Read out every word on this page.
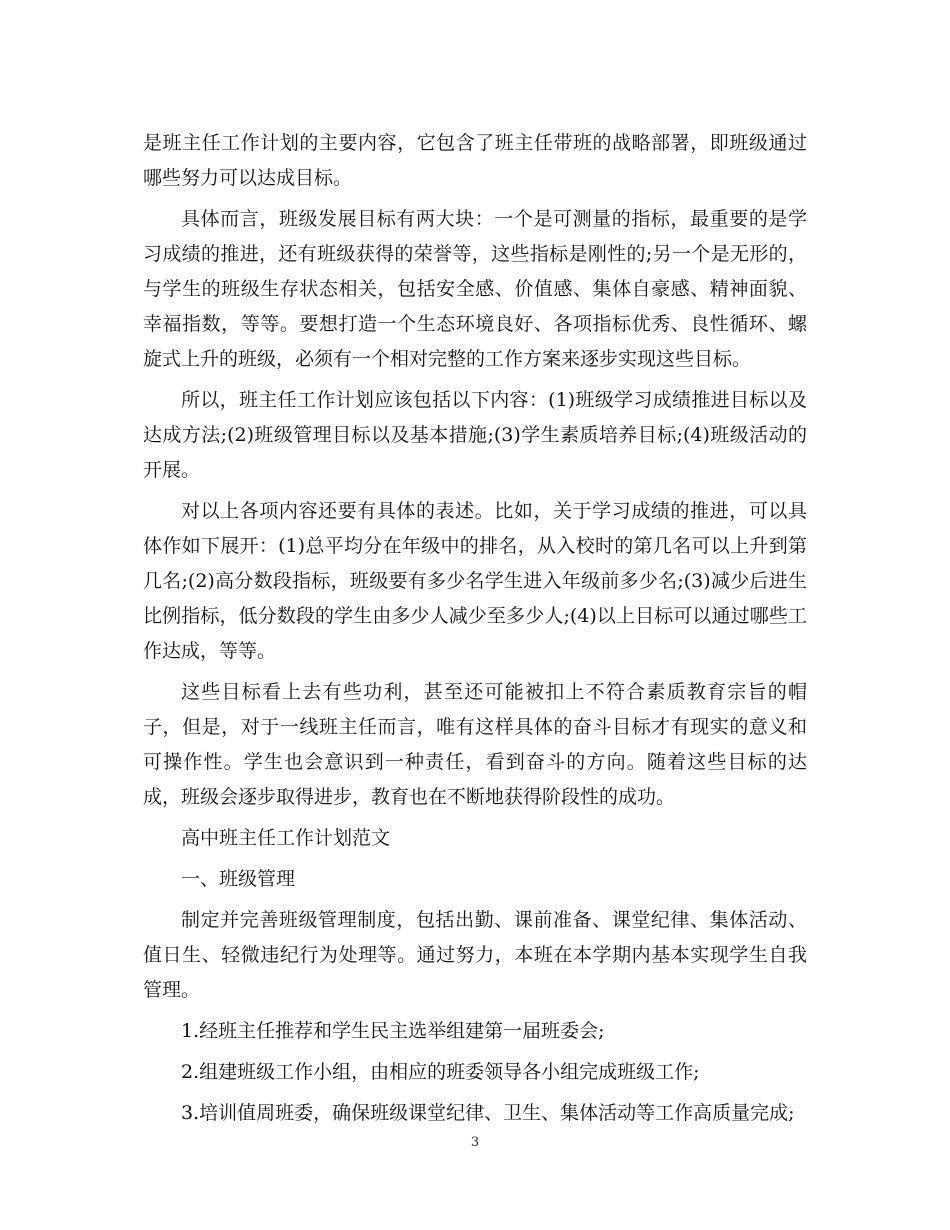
是班主任工作计划的主要内容，它包含了班主任带班的战略部署，即班级通过哪些努力可以达成目标。

具体而言，班级发展目标有两大块：一个是可测量的指标，最重要的是学习成绩的推进，还有班级获得的荣誉等，这些指标是刚性的;另一个是无形的，与学生的班级生存状态相关，包括安全感、价值感、集体自豪感、精神面貌、幸福指数，等等。要想打造一个生态环境良好、各项指标优秀、良性循环、螺旋式上升的班级，必须有一个相对完整的工作方案来逐步实现这些目标。

所以，班主任工作计划应该包括以下内容：(1)班级学习成绩推进目标以及达成方法;(2)班级管理目标以及基本措施;(3)学生素质培养目标;(4)班级活动的开展。

对以上各项内容还要有具体的表述。比如，关于学习成绩的推进，可以具体作如下展开：(1)总平均分在年级中的排名，从入校时的第几名可以上升到第几名;(2)高分数段指标，班级要有多少名学生进入年级前多少名;(3)减少后进生比例指标，低分数段的学生由多少人减少至多少人;(4)以上目标可以通过哪些工作达成，等等。

这些目标看上去有些功利，甚至还可能被扣上不符合素质教育宗旨的帽子，但是，对于一线班主任而言，唯有这样具体的奋斗目标才有现实的意义和可操作性。学生也会意识到一种责任，看到奋斗的方向。随着这些目标的达成，班级会逐步取得进步，教育也在不断地获得阶段性的成功。

高中班主任工作计划范文

一、班级管理

制定并完善班级管理制度，包括出勤、课前准备、课堂纪律、集体活动、值日生、轻微违纪行为处理等。通过努力，本班在本学期内基本实现学生自我管理。

1.经班主任推荐和学生民主选举组建第一届班委会;

2.组建班级工作小组，由相应的班委领导各小组完成班级工作;

3.培训值周班委，确保班级课堂纪律、卫生、集体活动等工作高质量完成;

3
